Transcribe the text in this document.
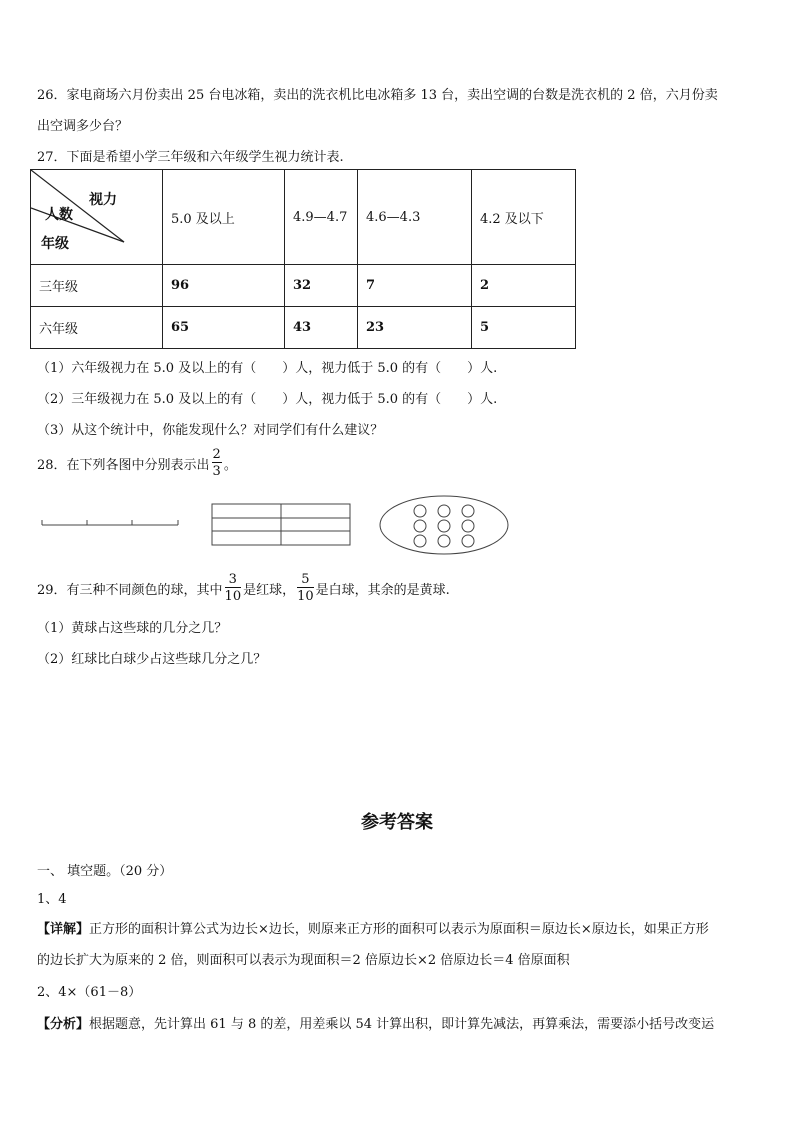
26．家电商场六月份卖出 25 台电冰箱，卖出的洗衣机比电冰箱多 13 台，卖出空调的台数是洗衣机的 2 倍，六月份卖
出空调多少台？
27．下面是希望小学三年级和六年级学生视力统计表.
视力
人数
年级	5.0 及以上	4.9—4.7	4.6—4.3	4.2 及以下
三年级	96	32	7	2
六年级	65	43	23	5
（1）六年级视力在 5.0 及以上的有（　　）人，视力低于 5.0 的有（　　）人.
（2）三年级视力在 5.0 及以上的有（　　）人，视力低于 5.0 的有（　　）人.
（3）从这个统计中，你能发现什么？对同学们有什么建议？
28．在下列各图中分别表示出 $\frac{2}{3}$ 。
29．有三种不同颜色的球，其中 $\frac{3}{10}$ 是红球， $\frac{5}{10}$ 是白球，其余的是黄球.
（1）黄球占这些球的几分之几？
（2）红球比白球少占这些球几分之几？
参考答案
一、 填空题。（20 分）
1、4
【详解】正方形的面积计算公式为边长×边长，则原来正方形的面积可以表示为原面积＝原边长×原边长，如果正方形
的边长扩大为原来的 2 倍，则面积可以表示为现面积＝2 倍原边长×2 倍原边长＝4 倍原面积
2、4×（61－8）
【分析】根据题意，先计算出 61 与 8 的差，用差乘以 54 计算出积，即计算先减法，再算乘法，需要添小括号改变运
